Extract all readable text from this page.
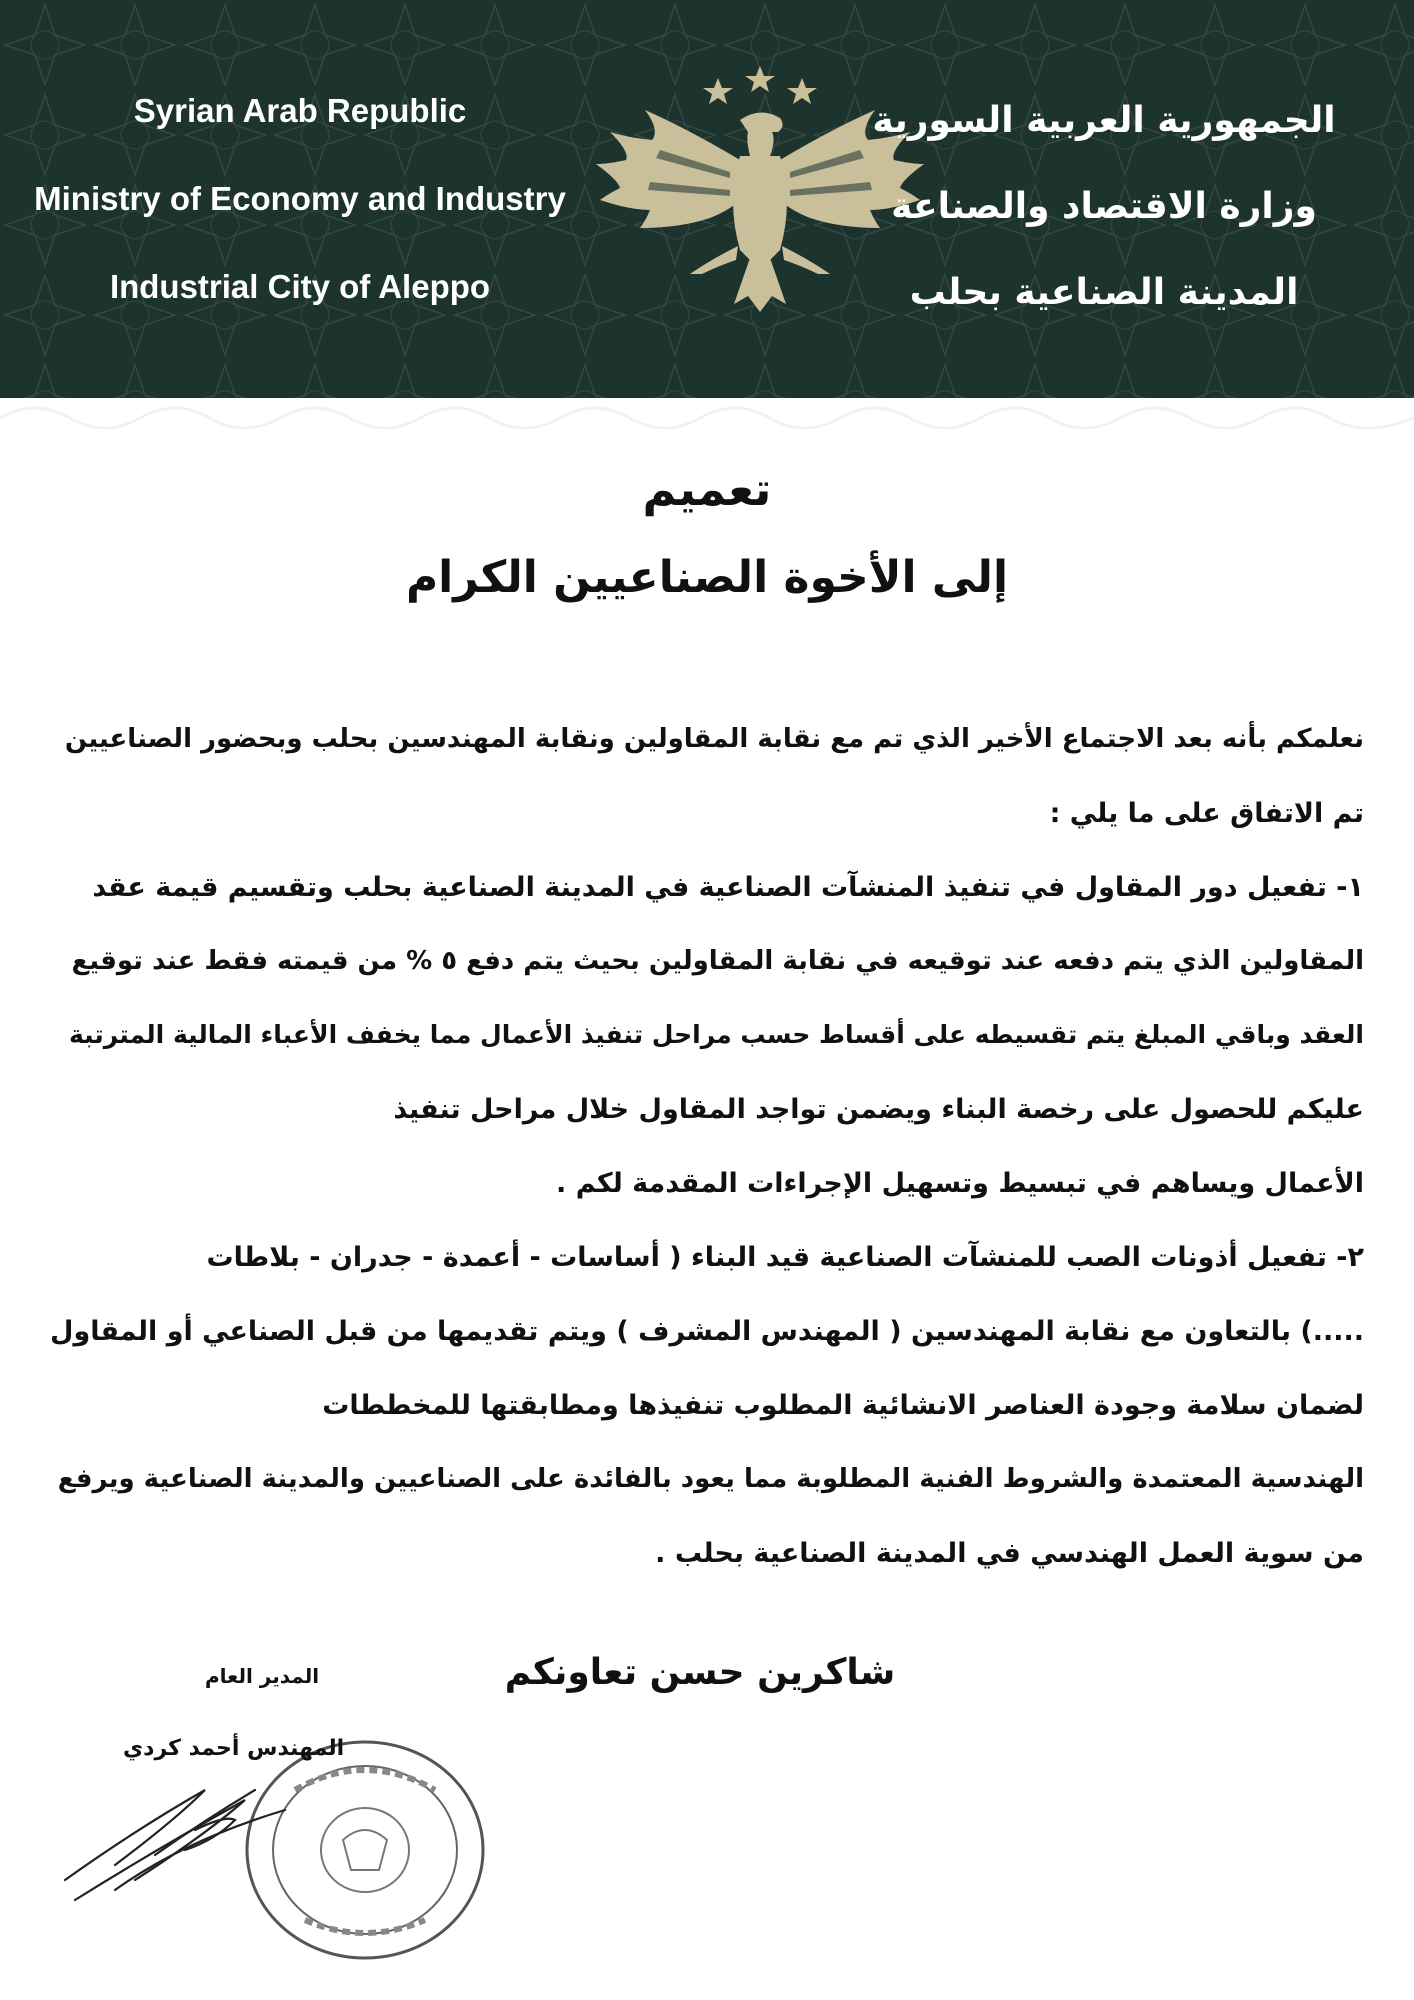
Syrian Arab Republic
Ministry of Economy and Industry
Industrial City of Aleppo
الجمهورية العربية السورية
وزارة الاقتصاد والصناعة
المدينة الصناعية بحلب
تعميم
إلى الأخوة الصناعيين الكرام
نعلمكم بأنه بعد الاجتماع الأخير الذي تم مع نقابة المقاولين ونقابة المهندسين بحلب وبحضور الصناعيين
تم الاتفاق على ما يلي :
١- تفعيل دور المقاول في تنفيذ المنشآت الصناعية في المدينة الصناعية بحلب وتقسيم قيمة عقد
المقاولين الذي يتم دفعه عند توقيعه في نقابة المقاولين بحيث يتم دفع ٥ % من قيمته فقط عند توقيع
العقد وباقي المبلغ يتم تقسيطه على أقساط حسب مراحل تنفيذ الأعمال مما يخفف الأعباء المالية المترتبة
عليكم للحصول على رخصة البناء ويضمن تواجد المقاول خلال مراحل تنفيذ
الأعمال ويساهم في تبسيط وتسهيل الإجراءات المقدمة لكم .
٢- تفعيل أذونات الصب للمنشآت الصناعية قيد البناء ( أساسات - أعمدة - جدران - بلاطات
.....) بالتعاون مع نقابة المهندسين ( المهندس المشرف ) ويتم تقديمها من قبل الصناعي أو المقاول
لضمان سلامة وجودة العناصر الانشائية المطلوب تنفيذها ومطابقتها للمخططات
الهندسية المعتمدة والشروط الفنية المطلوبة مما يعود بالفائدة على الصناعيين والمدينة الصناعية ويرفع
من سوية العمل الهندسي في المدينة الصناعية بحلب .
شاكرين حسن تعاونكم
المدير العام
المهندس أحمد كردي
